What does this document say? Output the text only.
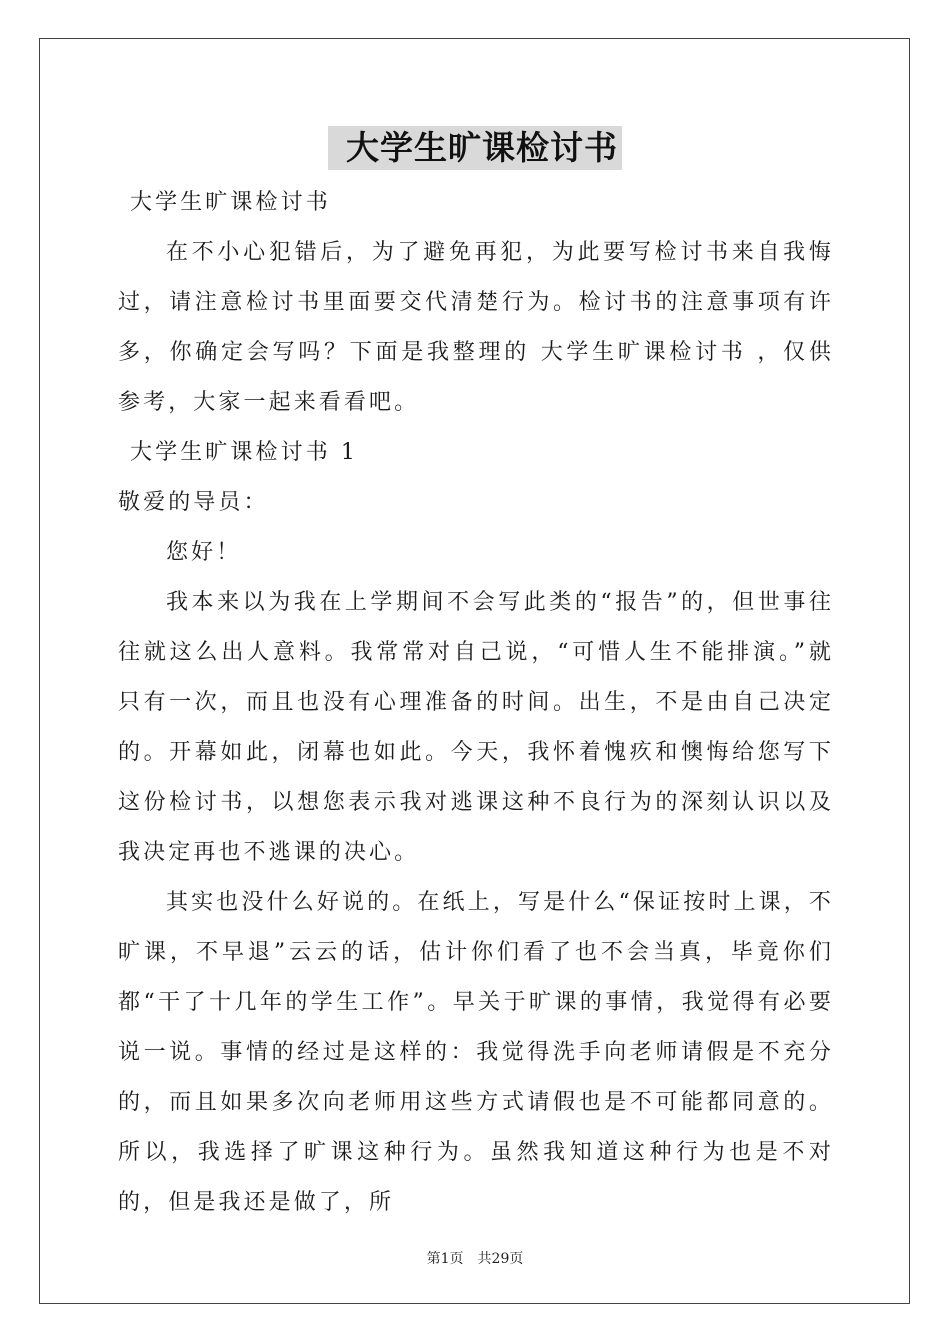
大学生旷课检讨书
大学生旷课检讨书
在不小心犯错后，为了避免再犯，为此要写检讨书来自我悔过，请注意检讨书里面要交代清楚行为。检讨书的注意事项有许多，你确定会写吗？下面是我整理的 大学生旷课检讨书 ，仅供参考，大家一起来看看吧。
大学生旷课检讨书 1
敬爱的导员：
您好！
我本来以为我在上学期间不会写此类的“报告”的，但世事往往就这么出人意料。我常常对自己说，“可惜人生不能排演。”就只有一次，而且也没有心理准备的时间。出生，不是由自己决定的。开幕如此，闭幕也如此。今天，我怀着愧疚和懊悔给您写下这份检讨书，以想您表示我对逃课这种不良行为的深刻认识以及我决定再也不逃课的决心。
其实也没什么好说的。在纸上，写是什么“保证按时上课，不旷课，不早退”云云的话，估计你们看了也不会当真，毕竟你们都“干了十几年的学生工作”。早关于旷课的事情，我觉得有必要说一说。事情的经过是这样的：我觉得洗手向老师请假是不充分的，而且如果多次向老师用这些方式请假也是不可能都同意的。所以，我选择了旷课这种行为。虽然我知道这种行为也是不对的，但是我还是做了，所
第1页 共29页
